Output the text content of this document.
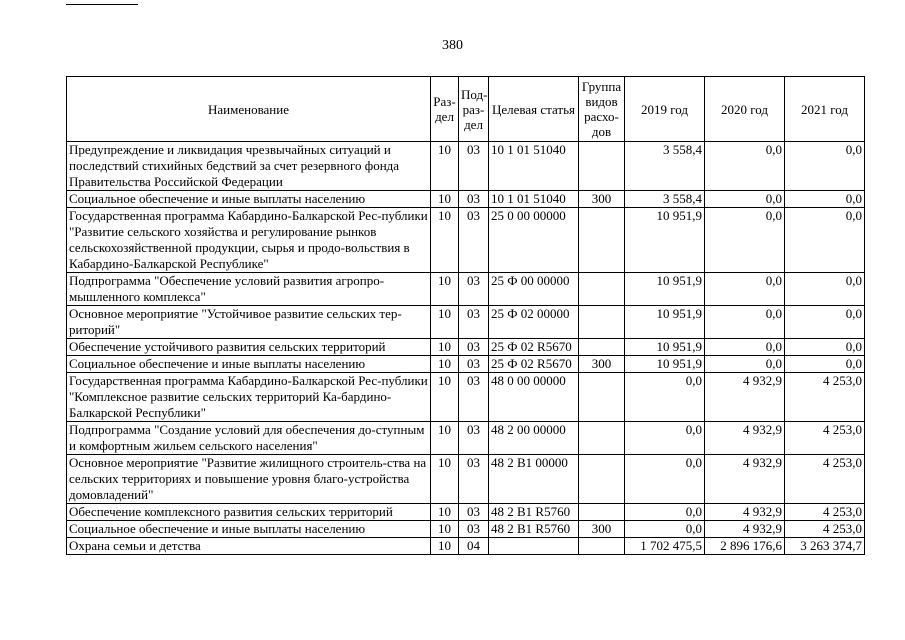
380
Наименование	Раз-дел	Под-раз-дел	Целевая статья	Группа видов расхо-дов	2019 год	2020 год	2021 год
Предупреждение и ликвидация чрезвычайных ситуаций и последствий стихийных бедствий за счет резервного фонда Правительства Российской Федерации	10	03	10 1 01 51040		3 558,4	0,0	0,0
Социальное обеспечение и иные выплаты населению	10	03	10 1 01 51040	300	3 558,4	0,0	0,0
Государственная программа Кабардино-Балкарской Рес-публики "Развитие сельского хозяйства и регулирование рынков сельскохозяйственной продукции, сырья и продо-вольствия в Кабардино-Балкарской Республике"	10	03	25 0 00 00000		10 951,9	0,0	0,0
Подпрограмма "Обеспечение условий развития агропро-мышленного комплекса"	10	03	25 Ф 00 00000		10 951,9	0,0	0,0
Основное мероприятие "Устойчивое развитие сельских тер-риторий"	10	03	25 Ф 02 00000		10 951,9	0,0	0,0
Обеспечение устойчивого развития сельских территорий	10	03	25 Ф 02 R5670		10 951,9	0,0	0,0
Социальное обеспечение и иные выплаты населению	10	03	25 Ф 02 R5670	300	10 951,9	0,0	0,0
Государственная программа Кабардино-Балкарской Рес-публики "Комплексное развитие сельских территорий Ка-бардино-Балкарской Республики"	10	03	48 0 00 00000		0,0	4 932,9	4 253,0
Подпрограмма "Создание условий для обеспечения до-ступным и комфортным жильем сельского населения"	10	03	48 2 00 00000		0,0	4 932,9	4 253,0
Основное мероприятие "Развитие жилищного строитель-ства на сельских территориях и повышение уровня благо-устройства домовладений"	10	03	48 2 В1 00000		0,0	4 932,9	4 253,0
Обеспечение комплексного развития сельских территорий	10	03	48 2 В1 R5760		0,0	4 932,9	4 253,0
Социальное обеспечение и иные выплаты населению	10	03	48 2 В1 R5760	300	0,0	4 932,9	4 253,0
Охрана семьи и детства	10	04			1 702 475,5	2 896 176,6	3 263 374,7
